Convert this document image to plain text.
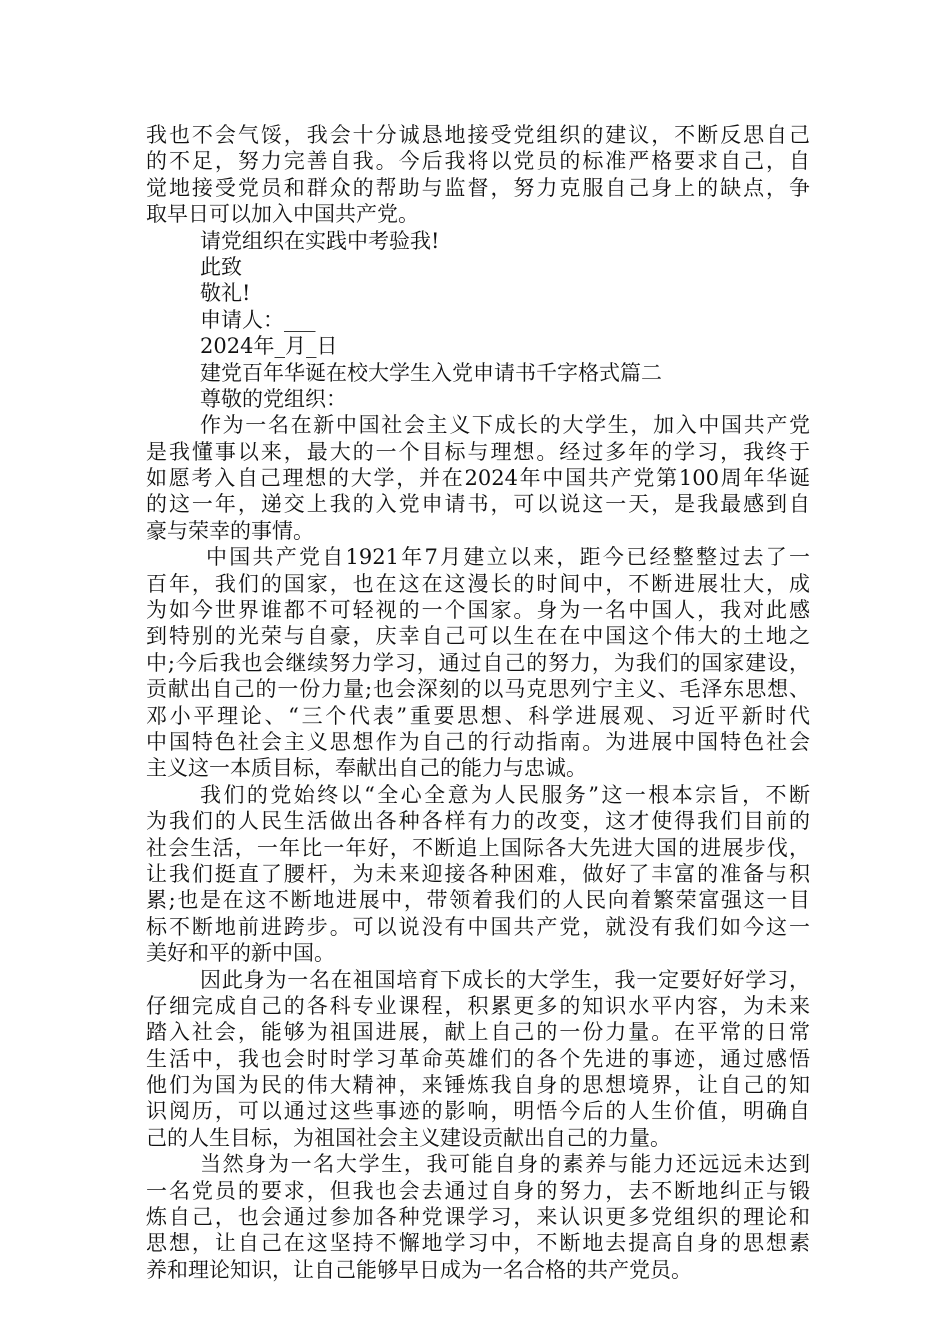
我也不会气馁，我会十分诚恳地接受党组织的建议，不断反思自己
的不足，努力完善自我。今后我将以党员的标准严格要求自己，自
觉地接受党员和群众的帮助与监督，努力克服自己身上的缺点，争
取早日可以加入中国共产党。
请党组织在实践中考验我!
此致
敬礼!
申请人：___
2024年_月_日
建党百年华诞在校大学生入党申请书千字格式篇二
尊敬的党组织：
作为一名在新中国社会主义下成长的大学生，加入中国共产党
是我懂事以来，最大的一个目标与理想。经过多年的学习，我终于
如愿考入自己理想的大学，并在2024年中国共产党第100周年华诞
的这一年，递交上我的入党申请书，可以说这一天，是我最感到自
豪与荣幸的事情。
中国共产党自1921年7月建立以来，距今已经整整过去了一
百年，我们的国家，也在这在这漫长的时间中，不断进展壮大，成
为如今世界谁都不可轻视的一个国家。身为一名中国人，我对此感
到特别的光荣与自豪，庆幸自己可以生在在中国这个伟大的土地之
中;今后我也会继续努力学习，通过自己的努力，为我们的国家建设，
贡献出自己的一份力量;也会深刻的以马克思列宁主义、毛泽东思想、
邓小平理论、“三个代表”重要思想、科学进展观、习近平新时代
中国特色社会主义思想作为自己的行动指南。为进展中国特色社会
主义这一本质目标，奉献出自己的能力与忠诚。
我们的党始终以“全心全意为人民服务”这一根本宗旨，不断
为我们的人民生活做出各种各样有力的改变，这才使得我们目前的
社会生活，一年比一年好，不断追上国际各大先进大国的进展步伐，
让我们挺直了腰杆，为未来迎接各种困难，做好了丰富的准备与积
累;也是在这不断地进展中，带领着我们的人民向着繁荣富强这一目
标不断地前进跨步。可以说没有中国共产党，就没有我们如今这一
美好和平的新中国。
因此身为一名在祖国培育下成长的大学生，我一定要好好学习，
仔细完成自己的各科专业课程，积累更多的知识水平内容，为未来
踏入社会，能够为祖国进展，献上自己的一份力量。在平常的日常
生活中，我也会时时学习革命英雄们的各个先进的事迹，通过感悟
他们为国为民的伟大精神，来锤炼我自身的思想境界，让自己的知
识阅历，可以通过这些事迹的影响，明悟今后的人生价值，明确自
己的人生目标，为祖国社会主义建设贡献出自己的力量。
当然身为一名大学生，我可能自身的素养与能力还远远未达到
一名党员的要求，但我也会去通过自身的努力，去不断地纠正与锻
炼自己，也会通过参加各种党课学习，来认识更多党组织的理论和
思想，让自己在这坚持不懈地学习中，不断地去提高自身的思想素
养和理论知识，让自己能够早日成为一名合格的共产党员。
